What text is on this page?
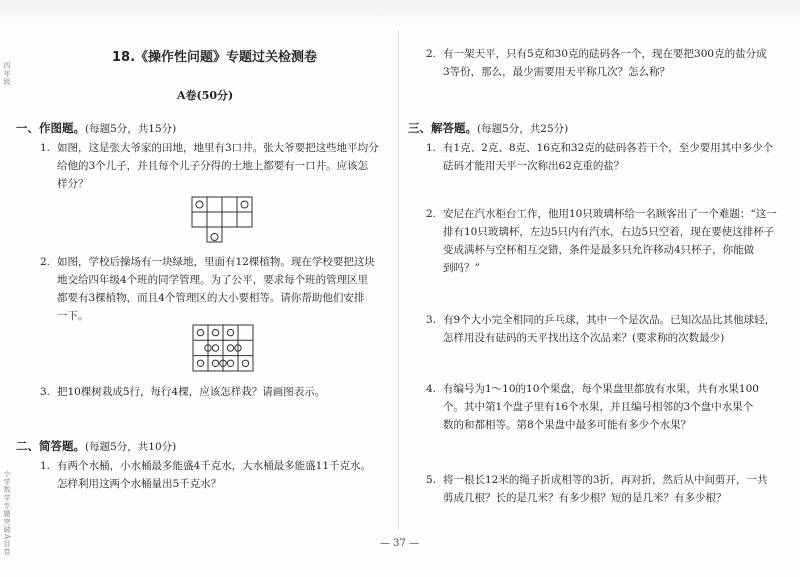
四年级
小学数学专题突破A目卷
18.《操作性问题》专题过关检测卷
A卷(50分)
一、作图题。(每题5分，共15分)
1. 如图，这是张大爷家的田地，地里有3口井。张大爷要把这些地平均分
给他的3个儿子，并且每个儿子分得的土地上都要有一口井。应该怎
样分？
2. 如图，学校后操场有一块绿地，里面有12棵植物。现在学校要把这块
地交给四年级4个班的同学管理。为了公平，要求每个班的管理区里
都要有3棵植物，而且4个管理区的大小要相等。请你帮助他们安排
一下。
3. 把10棵树栽成5行，每行4棵，应该怎样栽？请画图表示。
二、简答题。(每题5分，共10分)
1. 有两个水桶，小水桶最多能盛4千克水，大水桶最多能盛11千克水。
怎样利用这两个水桶量出5千克水？
2. 有一架天平，只有5克和30克的砝码各一个，现在要把300克的盐分成
3等份，那么，最少需要用天平称几次？怎么称？
三、解答题。(每题5分，共25分)
1. 有1克、2克、8克、16克和32克的砝码各若干个，至少要用其中多少个
砝码才能用天平一次称出62克重的盐？
2. 安尼在汽水柜台工作，他用10只玻璃杯给一名顾客出了一个难题：“这一
排有10只玻璃杯，左边5只内有汽水，右边5只空着，现在要使这排杯子
变成满杯与空杯相互交错，条件是最多只允许移动4只杯子，你能做
到吗？”
3. 有9个大小完全相同的乒乓球，其中一个是次品。已知次品比其他球轻，
怎样用没有砝码的天平找出这个次品来？(要求称的次数最少)
4. 有编号为1～10的10个果盘，每个果盘里都放有水果，共有水果100
个。其中第1个盘子里有16个水果，并且编号相邻的3个盘中水果个
数的和都相等。第8个果盘中最多可能有多少个水果？
5. 将一根长12米的绳子折成相等的3折，再对折，然后从中间剪开，一共
剪成几根？长的是几米？有多少根？短的是几米？有多少根？
— 37 —
